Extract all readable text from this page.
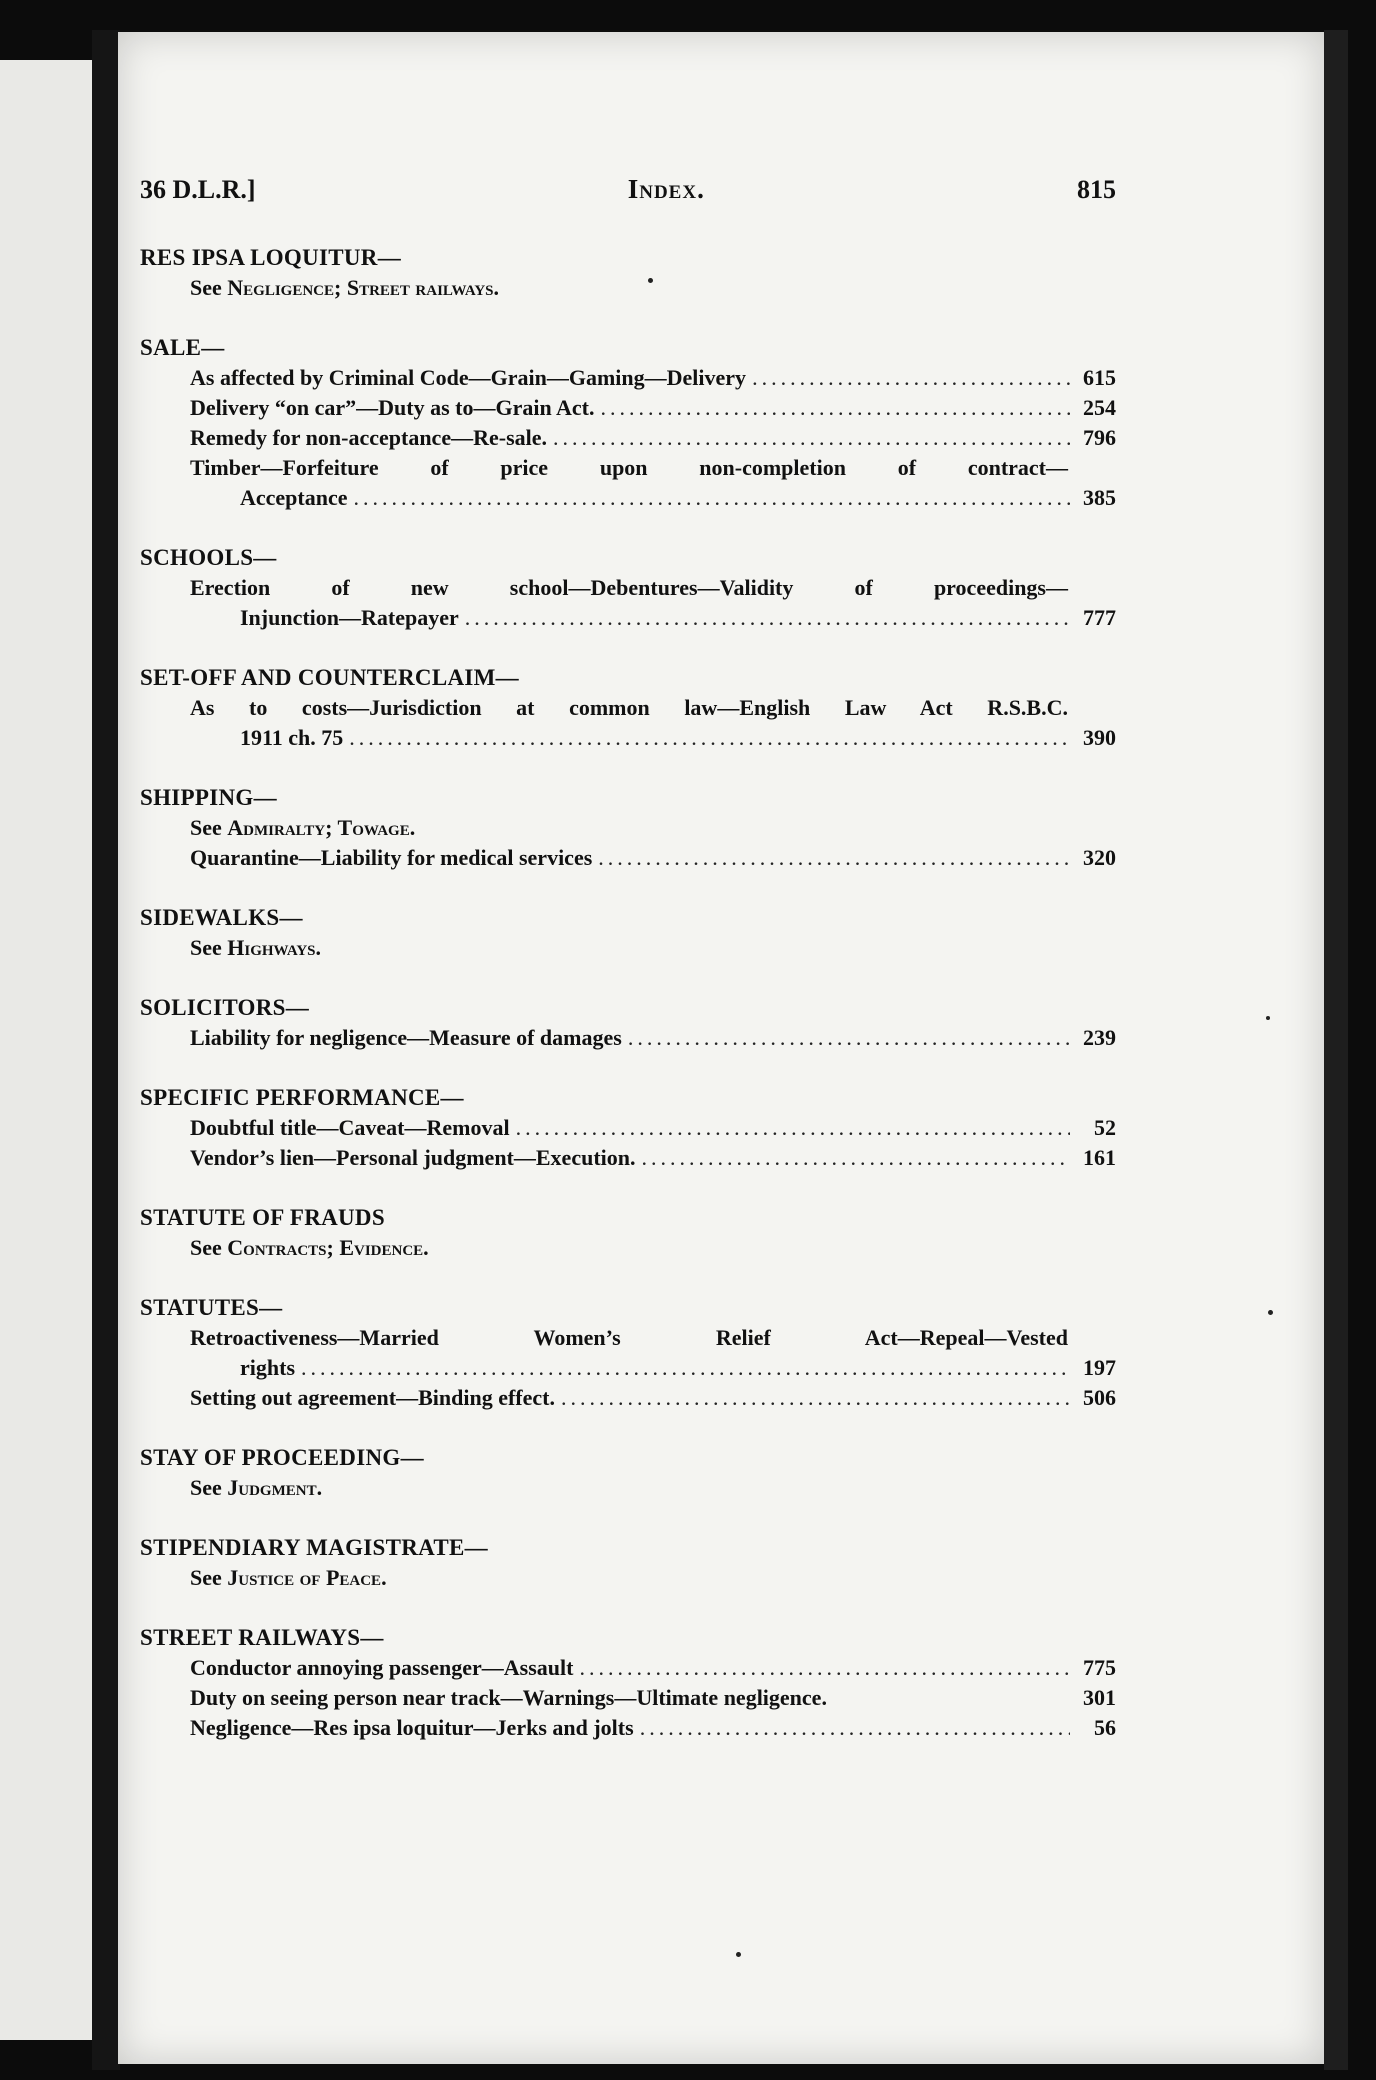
36 D.L.R.]	Index.	815
RES IPSA LOQUITUR—
See Negligence; Street railways.
SALE—
As affected by Criminal Code—Grain—Gaming—Delivery .....	615
Delivery “on car”—Duty as to—Grain Act. .....	254
Remedy for non-acceptance—Re-sale. .....	796
Timber—Forfeiture of price upon non-completion of contract—
Acceptance .....	385
SCHOOLS—
Erection of new school—Debentures—Validity of proceedings—
Injunction—Ratepayer .....	777
SET-OFF AND COUNTERCLAIM—
As to costs—Jurisdiction at common law—English Law Act R.S.B.C.
1911 ch. 75 .....	390
SHIPPING—
See Admiralty; Towage.
Quarantine—Liability for medical services .....	320
SIDEWALKS—
See Highways.
SOLICITORS—
Liability for negligence—Measure of damages .....	239
SPECIFIC PERFORMANCE—
Doubtful title—Caveat—Removal .....	52
Vendor’s lien—Personal judgment—Execution. .....	161
STATUTE OF FRAUDS
See Contracts; Evidence.
STATUTES—
Retroactiveness—Married Women’s Relief Act—Repeal—Vested
rights .....	197
Setting out agreement—Binding effect. .....	506
STAY OF PROCEEDING—
See Judgment.
STIPENDIARY MAGISTRATE—
See Justice of Peace.
STREET RAILWAYS—
Conductor annoying passenger—Assault .....	775
Duty on seeing person near track—Warnings—Ultimate negligence.	301
Negligence—Res ipsa loquitur—Jerks and jolts .....	56
